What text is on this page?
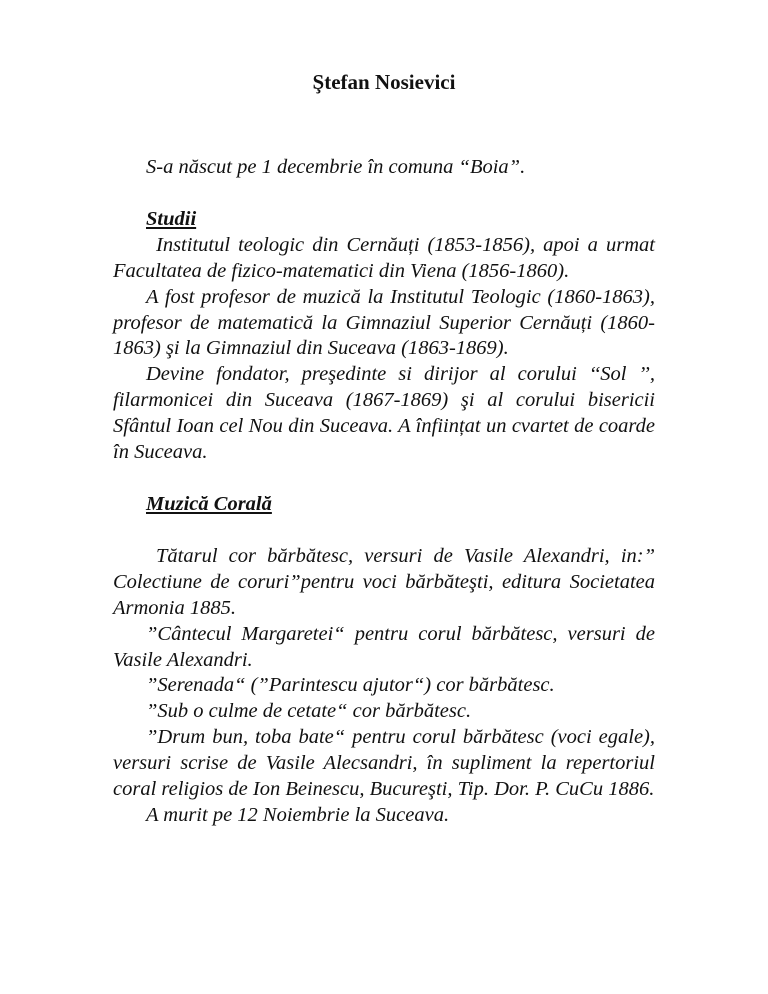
Ştefan Nosievici

S-a născut pe 1 decembrie în comuna “Boia”.

Studii

Institutul teologic din Cernăuți (1853-1856), apoi a urmat Facultatea de fizico-matematici din Viena (1856-1860).

A fost profesor de muzică la Institutul Teologic (1860-1863), profesor de matematică la Gimnaziul Superior Cernăuți (1860-1863) şi la Gimnaziul din Suceava (1863-1869).

Devine fondator, preşedinte si dirijor al corului ‘‘Sol ’’, filarmonicei din Suceava (1867-1869) şi al corului bisericii Sfântul Ioan cel Nou din Suceava. A înființat un cvartet de coarde în Suceava.

Muzică Corală

Tătarul cor bărbătesc, versuri de Vasile Alexandri, in:” Colectiune de coruri”pentru voci bărbăteşti, editura Societatea Armonia 1885.

”Cântecul Margaretei“ pentru corul bărbătesc, versuri de Vasile Alexandri.

”Serenada“ (”Parintescu ajutor“) cor bărbătesc.

”Sub o culme de cetate“ cor bărbătesc.

”Drum bun, toba bate“ pentru corul bărbătesc (voci egale), versuri scrise de Vasile Alecsandri, în supliment la repertoriul coral religios de Ion Beinescu, Bucureşti, Tip. Dor. P. CuCu 1886.

A murit pe 12 Noiembrie la Suceava.
